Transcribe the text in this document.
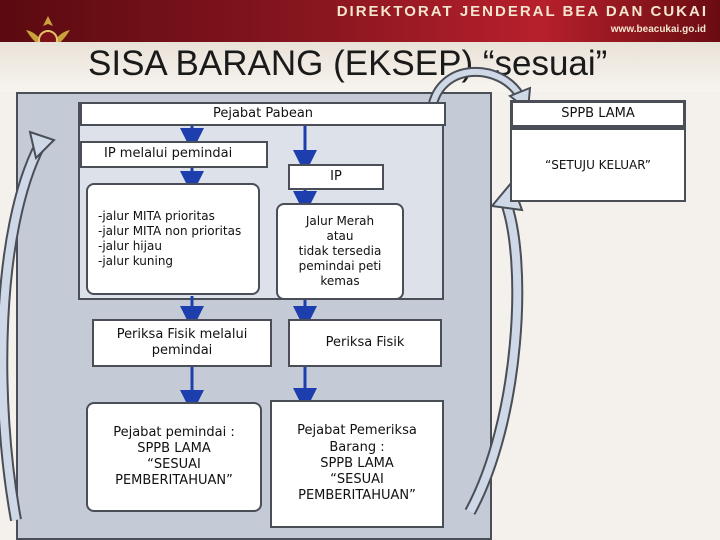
DIREKTORAT JENDERAL BEA DAN CUKAI
www.beacukai.go.id
SISA BARANG (EKSEP) “sesuai”
Pejabat Pabean	SPPB LAMA
“SETUJU KELUAR”
IP melalui pemindai
IP
-jalur MITA prioritas
-jalur MITA non prioritas
-jalur hijau
-jalur kuning
Jalur Merah
atau
tidak tersedia
pemindai peti
kemas
Periksa Fisik melalui
pemindai
Periksa Fisik
Pejabat pemindai :
SPPB LAMA
“SESUAI
PEMBERITAHUAN”
Pejabat Pemeriksa
Barang :
SPPB LAMA
“SESUAI
PEMBERITAHUAN”
